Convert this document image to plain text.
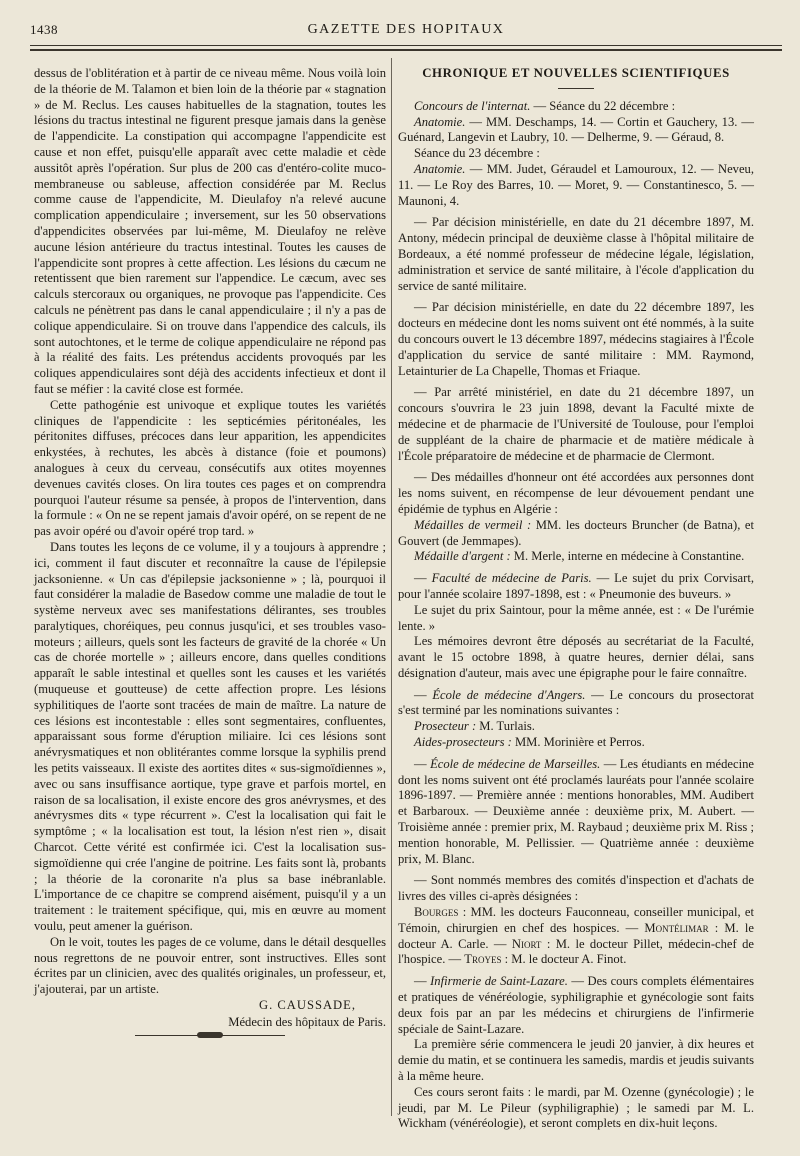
1438	GAZETTE DES HOPITAUX

dessus de l'oblitération et à partir de ce niveau même. Nous voilà loin de la théorie de M. Talamon et bien loin de la théorie par « stagnation » de M. Reclus. Les causes habituelles de la stagnation, toutes les lésions du tractus intestinal ne figurent presque jamais dans la genèse de l'appendicite. La constipation qui accompagne l'appendicite est cause et non effet, puisqu'elle apparaît avec cette maladie et cède aussitôt après l'opération. Sur plus de 200 cas d'entéro-colite muco-membraneuse ou sableuse, affection considérée par M. Reclus comme cause de l'appendicite, M. Dieulafoy n'a relevé aucune complication appendiculaire ; inversement, sur les 50 observations d'appendicites observées par lui-même, M. Dieulafoy ne relève aucune lésion antérieure du tractus intestinal. Toutes les causes de l'appendicite sont propres à cette affection. Les lésions du cæcum ne retentissent que bien rarement sur l'appendice. Le cæcum, avec ses calculs stercoraux ou organiques, ne provoque pas l'appendicite. Ces calculs ne pénètrent pas dans le canal appendiculaire ; il n'y a pas de colique appendiculaire. Si on trouve dans l'appendice des calculs, ils sont autochtones, et le terme de colique appendiculaire ne répond pas à la réalité des faits. Les prétendus accidents provoqués par les coliques appendiculaires sont déjà des accidents infectieux et dont il faut se méfier : la cavité close est formée.

Cette pathogénie est univoque et explique toutes les variétés cliniques de l'appendicite : les septicémies péritonéales, les péritonites diffuses, précoces dans leur apparition, les appendicites enkystées, à rechutes, les abcès à distance (foie et poumons) analogues à ceux du cerveau, consécutifs aux otites moyennes devenues cavités closes. On lira toutes ces pages et on comprendra pourquoi l'auteur résume sa pensée, à propos de l'intervention, dans la formule : « On ne se repent jamais d'avoir opéré, on se repent de ne pas avoir opéré ou d'avoir opéré trop tard. »

Dans toutes les leçons de ce volume, il y a toujours à apprendre ; ici, comment il faut discuter et reconnaître la cause de l'épilepsie jacksonienne. « Un cas d'épilepsie jacksonienne » ; là, pourquoi il faut considérer la maladie de Basedow comme une maladie de tout le système nerveux avec ses manifestations délirantes, ses troubles paralytiques, choréiques, peu connus jusqu'ici, et ses troubles vaso-moteurs ; ailleurs, quels sont les facteurs de gravité de la chorée « Un cas de chorée mortelle » ; ailleurs encore, dans quelles conditions apparaît le sable intestinal et quelles sont les causes et les variétés (muqueuse et goutteuse) de cette affection propre. Les lésions syphilitiques de l'aorte sont tracées de main de maître. La nature de ces lésions est incontestable : elles sont segmentaires, confluentes, apparaissant sous forme d'éruption miliaire. Ici ces lésions sont anévrysmatiques et non oblitérantes comme lorsque la syphilis prend les petits vaisseaux. Il existe des aortites dites « sus-sigmoïdiennes », avec ou sans insuffisance aortique, type grave et parfois mortel, en raison de sa localisation, il existe encore des gros anévrysmes, et des anévrysmes dits « type récurrent ». C'est la localisation qui fait le symptôme ; « la localisation est tout, la lésion n'est rien », disait Charcot. Cette vérité est confirmée ici. C'est la localisation sus-sigmoïdienne qui crée l'angine de poitrine. Les faits sont là, probants ; la théorie de la coronarite n'a plus sa base inébranlable. L'importance de ce chapitre se comprend aisément, puisqu'il y a un traitement : le traitement spécifique, qui, mis en œuvre au moment voulu, peut amener la guérison.

On le voit, toutes les pages de ce volume, dans le détail desquelles nous regrettons de ne pouvoir entrer, sont instructives. Elles sont écrites par un clinicien, avec des qualités originales, un professeur, et, j'ajouterai, par un artiste.

G. CAUSSADE,
Médecin des hôpitaux de Paris.
CHRONIQUE ET NOUVELLES SCIENTIFIQUES

Concours de l'internat. — Séance du 22 décembre :

Anatomie. — MM. Deschamps, 14. — Cortin et Gauchery, 13. — Guénard, Langevin et Laubry, 10. — Delherme, 9. — Géraud, 8.

Séance du 23 décembre :

Anatomie. — MM. Judet, Géraudel et Lamouroux, 12. — Neveu, 11. — Le Roy des Barres, 10. — Moret, 9. — Constantinesco, 5. — Maunoni, 4.

— Par décision ministérielle, en date du 21 décembre 1897, M. Antony, médecin principal de deuxième classe à l'hôpital militaire de Bordeaux, a été nommé professeur de médecine légale, législation, administration et service de santé militaire, à l'école d'application du service de santé militaire.

— Par décision ministérielle, en date du 22 décembre 1897, les docteurs en médecine dont les noms suivent ont été nommés, à la suite du concours ouvert le 13 décembre 1897, médecins stagiaires à l'École d'application du service de santé militaire : MM. Raymond, Letainturier de La Chapelle, Thomas et Friaque.

— Par arrêté ministériel, en date du 21 décembre 1897, un concours s'ouvrira le 23 juin 1898, devant la Faculté mixte de médecine et de pharmacie de l'Université de Toulouse, pour l'emploi de suppléant de la chaire de pharmacie et de matière médicale à l'École préparatoire de médecine et de pharmacie de Clermont.

— Des médailles d'honneur ont été accordées aux personnes dont les noms suivent, en récompense de leur dévouement pendant une épidémie de typhus en Algérie :

Médailles de vermeil : MM. les docteurs Bruncher (de Batna), et Gouvert (de Jemmapes).

Médaille d'argent : M. Merle, interne en médecine à Constantine.

— Faculté de médecine de Paris. — Le sujet du prix Corvisart, pour l'année scolaire 1897-1898, est : « Pneumonie des buveurs. »

Le sujet du prix Saintour, pour la même année, est : « De l'urémie lente. »

Les mémoires devront être déposés au secrétariat de la Faculté, avant le 15 octobre 1898, à quatre heures, dernier délai, sans désignation d'auteur, mais avec une épigraphe pour le faire connaître.

— École de médecine d'Angers. — Le concours du prosectorat s'est terminé par les nominations suivantes :

Prosecteur : M. Turlais.

Aides-prosecteurs : MM. Morinière et Perros.

— École de médecine de Marseilles. — Les étudiants en médecine dont les noms suivent ont été proclamés lauréats pour l'année scolaire 1896-1897. — Première année : mentions honorables, MM. Audibert et Barbaroux. — Deuxième année : deuxième prix, M. Aubert. — Troisième année : premier prix, M. Raybaud ; deuxième prix M. Riss ; mention honorable, M. Pellissier. — Quatrième année : deuxième prix, M. Blanc.

— Sont nommés membres des comités d'inspection et d'achats de livres des villes ci-après désignées :

Bourges : MM. les docteurs Fauconneau, conseiller municipal, et Témoin, chirurgien en chef des hospices. — Montélimar : M. le docteur A. Carle. — Niort : M. le docteur Pillet, médecin-chef de l'hospice. — Troyes : M. le docteur A. Finot.

— Infirmerie de Saint-Lazare. — Des cours complets élémentaires et pratiques de vénéréologie, syphiligraphie et gynécologie sont faits deux fois par an par les médecins et chirurgiens de l'infirmerie spéciale de Saint-Lazare.

La première série commencera le jeudi 20 janvier, à dix heures et demie du matin, et se continuera les samedis, mardis et jeudis suivants à la même heure.

Ces cours seront faits : le mardi, par M. Ozenne (gynécologie) ; le jeudi, par M. Le Pileur (syphiligraphie) ; le samedi par M. L. Wickham (vénéréologie), et seront complets en dix-huit leçons.
